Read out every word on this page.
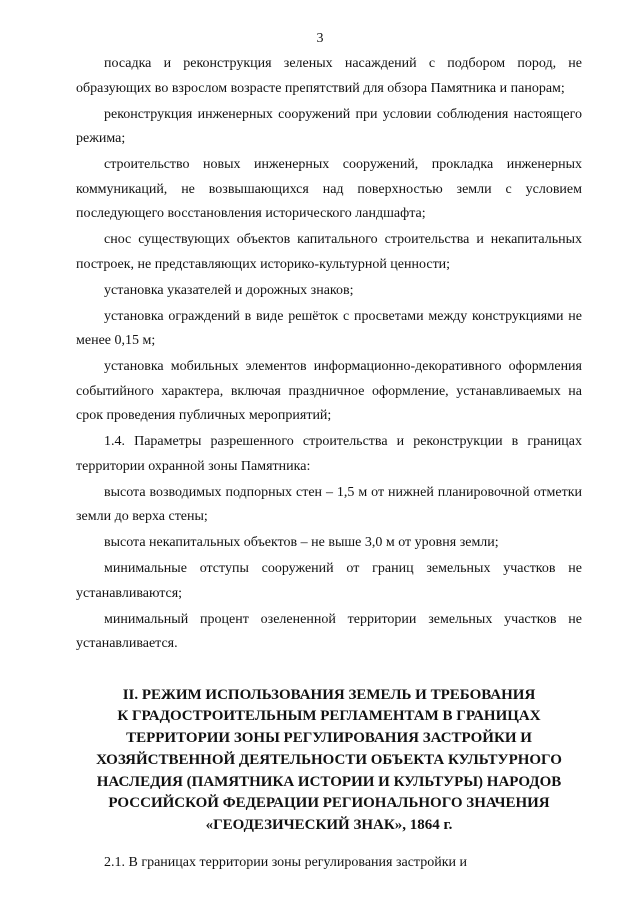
3

посадка и реконструкция зеленых насаждений с подбором пород, не образующих во взрослом возрасте препятствий для обзора Памятника и панорам;

реконструкция инженерных сооружений при условии соблюдения настоящего режима;

строительство новых инженерных сооружений, прокладка инженерных коммуникаций, не возвышающихся над поверхностью земли с условием последующего восстановления исторического ландшафта;

снос существующих объектов капитального строительства и некапитальных построек, не представляющих историко-культурной ценности;

установка указателей и дорожных знаков;

установка ограждений в виде решёток с просветами между конструкциями не менее 0,15 м;

установка мобильных элементов информационно-декоративного оформления событийного характера, включая праздничное оформление, устанавливаемых на срок проведения публичных мероприятий;

1.4. Параметры разрешенного строительства и реконструкции в границах территории охранной зоны Памятника:

высота возводимых подпорных стен – 1,5 м от нижней планировочной отметки земли до верха стены;

высота некапитальных объектов – не выше 3,0 м от уровня земли;

минимальные отступы сооружений от границ земельных участков не устанавливаются;

минимальный процент озелененной территории земельных участков не устанавливается.

II. РЕЖИМ ИСПОЛЬЗОВАНИЯ ЗЕМЕЛЬ И ТРЕБОВАНИЯ
К ГРАДОСТРОИТЕЛЬНЫМ РЕГЛАМЕНТАМ В ГРАНИЦАХ
ТЕРРИТОРИИ ЗОНЫ РЕГУЛИРОВАНИЯ ЗАСТРОЙКИ И
ХОЗЯЙСТВЕННОЙ ДЕЯТЕЛЬНОСТИ ОБЪЕКТА КУЛЬТУРНОГО
НАСЛЕДИЯ (ПАМЯТНИКА ИСТОРИИ И КУЛЬТУРЫ) НАРОДОВ
РОССИЙСКОЙ ФЕДЕРАЦИИ РЕГИОНАЛЬНОГО ЗНАЧЕНИЯ
«ГЕОДЕЗИЧЕСКИЙ ЗНАК», 1864 г.

2.1. В границах территории зоны регулирования застройки и
